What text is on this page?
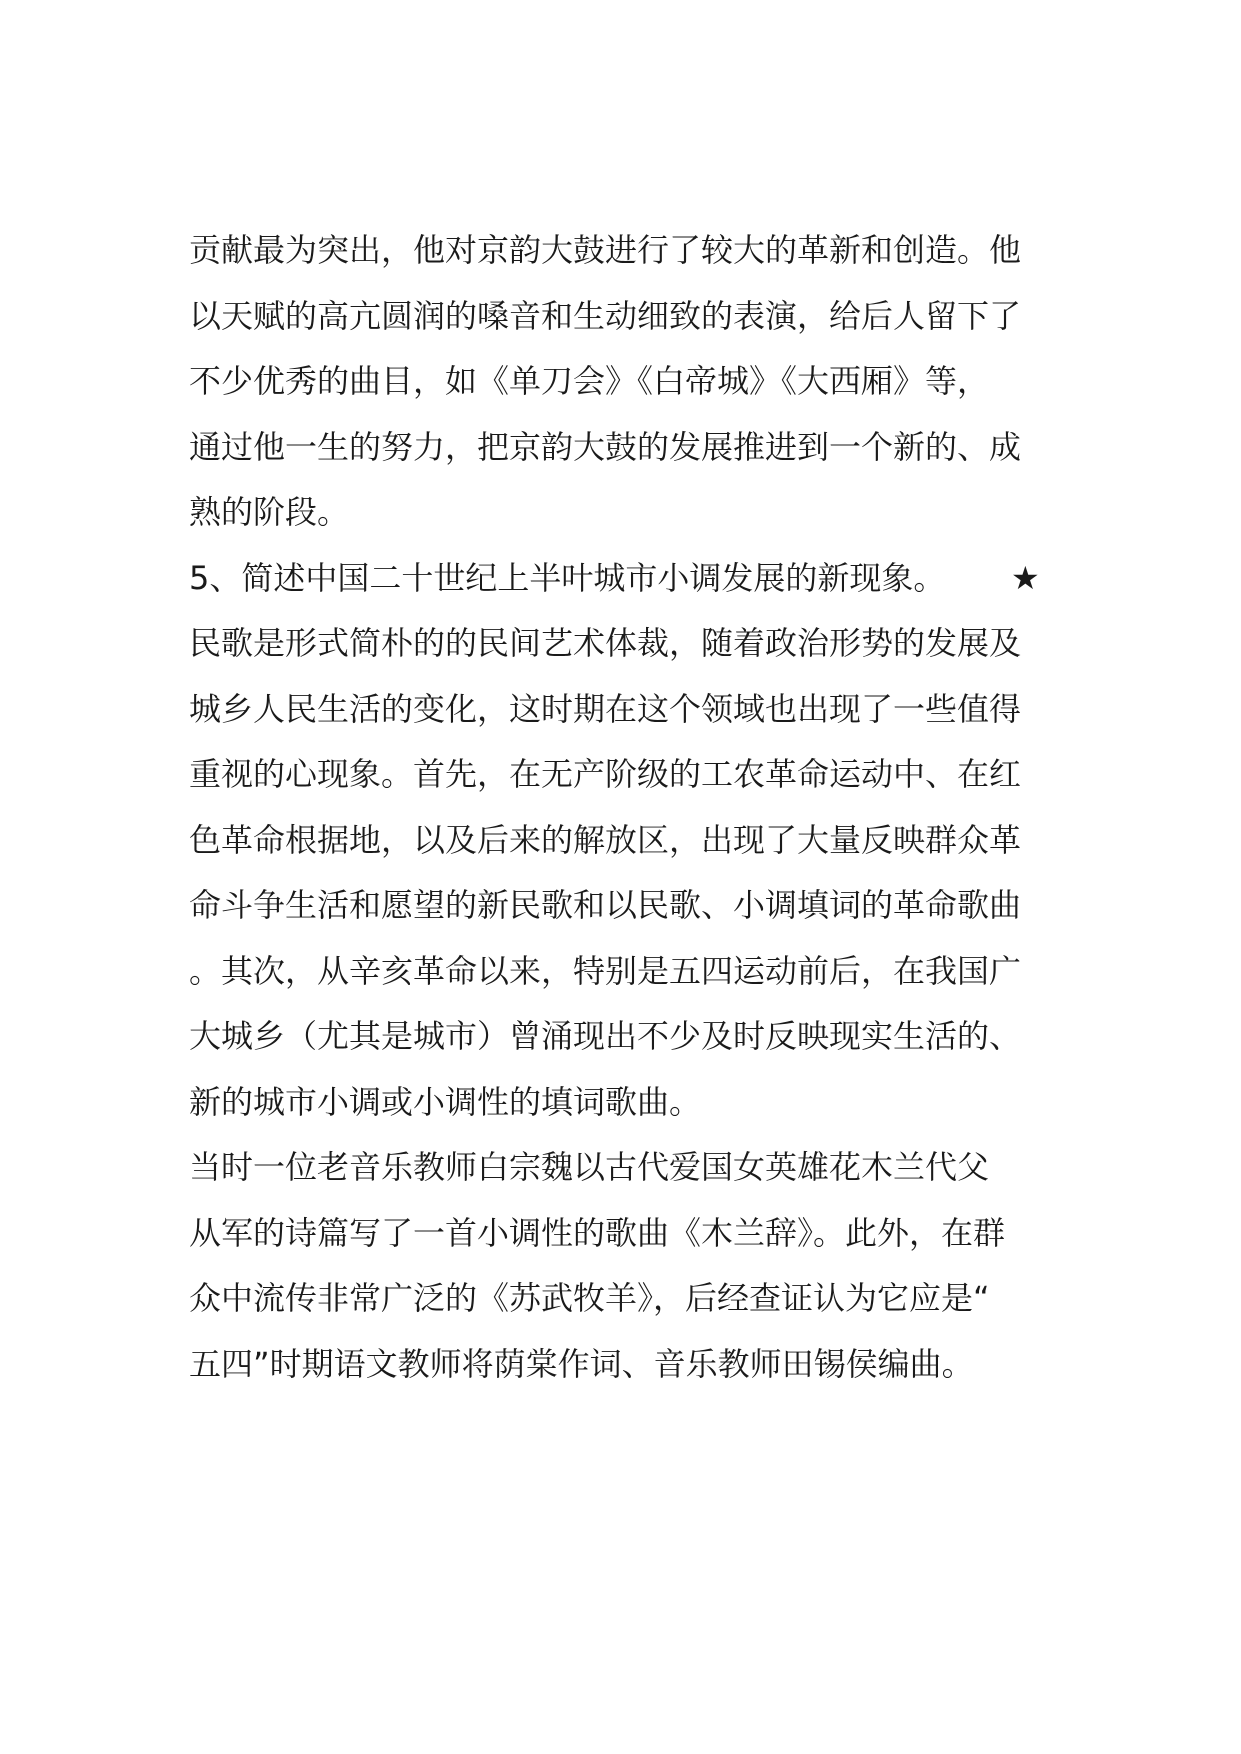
贡献最为突出，他对京韵大鼓进行了较大的革新和创造。他
以天赋的高亢圆润的嗓音和生动细致的表演，给后人留下了
不少优秀的曲目，如《单刀会》《白帝城》《大西厢》等，
通过他一生的努力，把京韵大鼓的发展推进到一个新的、成
熟的阶段。
5、简述中国二十世纪上半叶城市小调发展的新现象。 ★
民歌是形式简朴的的民间艺术体裁，随着政治形势的发展及
城乡人民生活的变化，这时期在这个领域也出现了一些值得
重视的心现象。首先，在无产阶级的工农革命运动中、在红
色革命根据地，以及后来的解放区，出现了大量反映群众革
命斗争生活和愿望的新民歌和以民歌、小调填词的革命歌曲
。其次，从辛亥革命以来，特别是五四运动前后，在我国广
大城乡（尤其是城市）曾涌现出不少及时反映现实生活的、
新的城市小调或小调性的填词歌曲。
当时一位老音乐教师白宗魏以古代爱国女英雄花木兰代父
从军的诗篇写了一首小调性的歌曲《木兰辞》。此外，在群
众中流传非常广泛的《苏武牧羊》，后经查证认为它应是“
五四”时期语文教师将荫棠作词、音乐教师田锡侯编曲。
